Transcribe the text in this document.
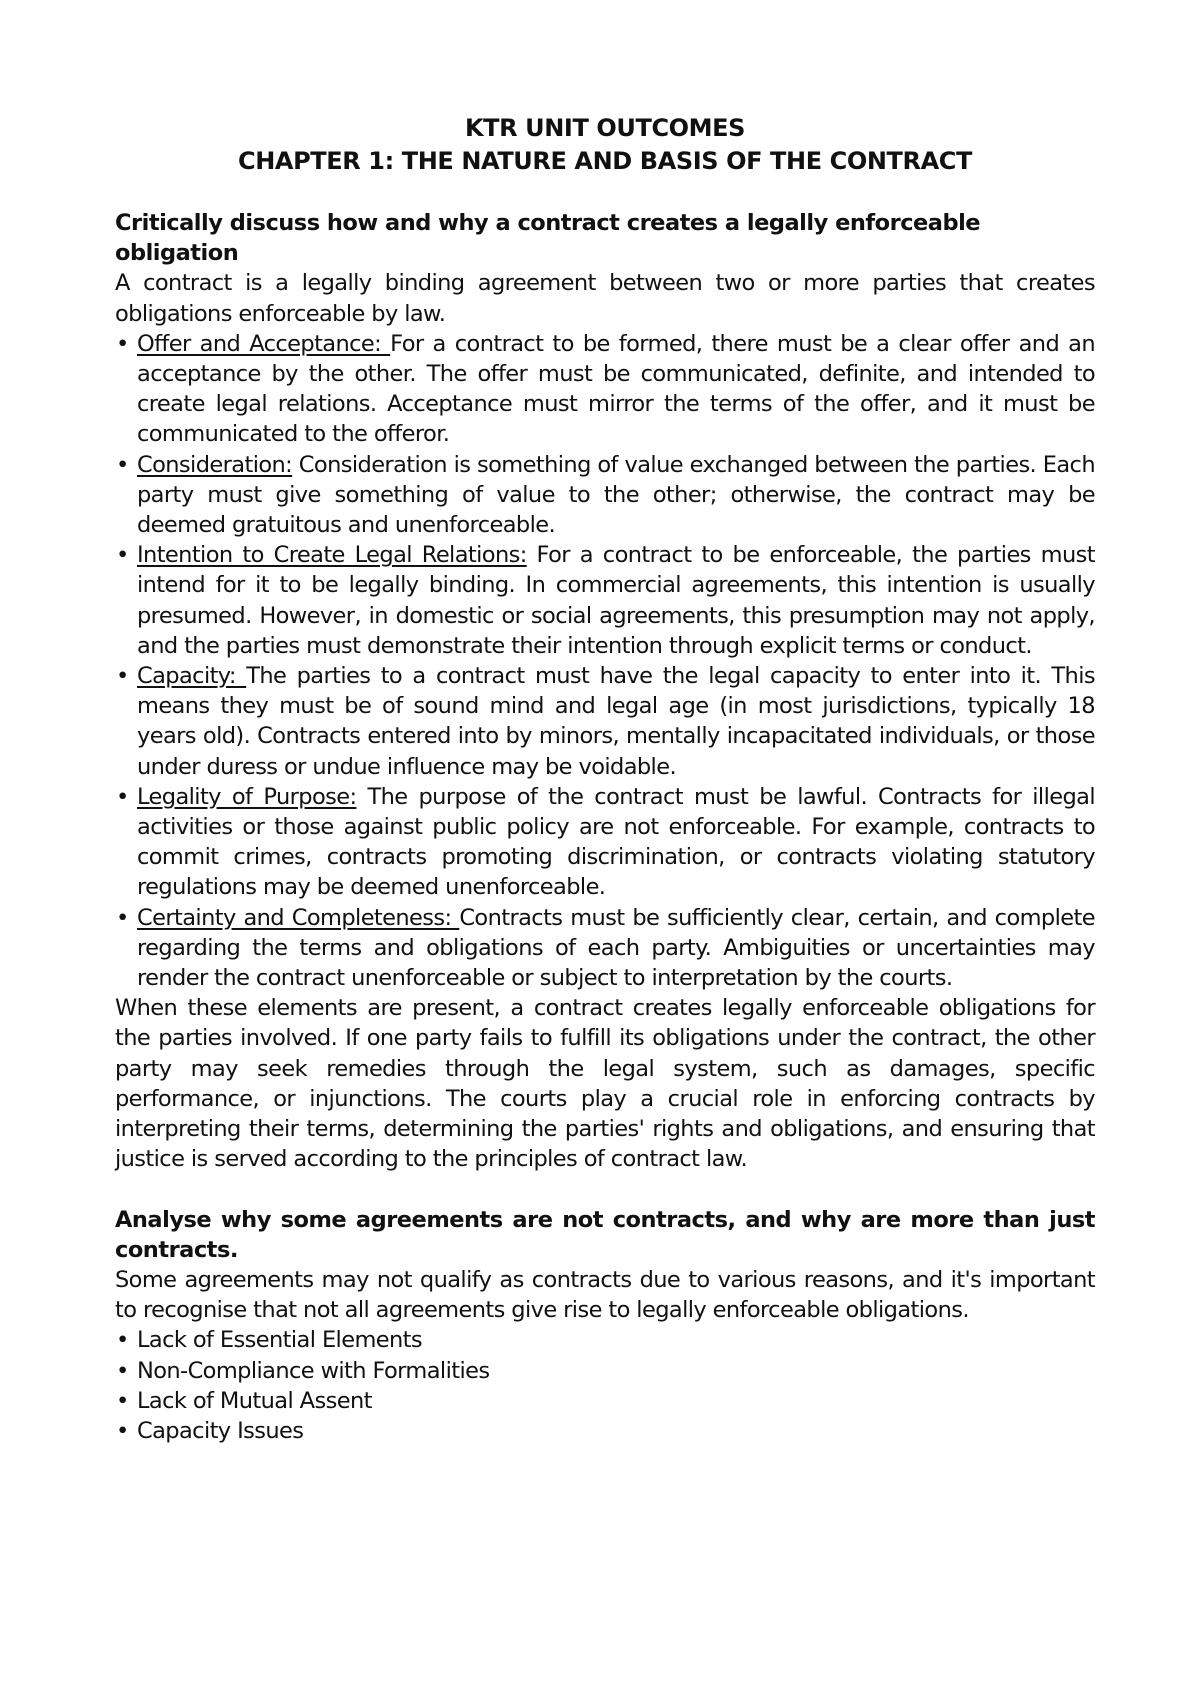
KTR UNIT OUTCOMES

CHAPTER 1: THE NATURE AND BASIS OF THE CONTRACT

Critically discuss how and why a contract creates a legally enforceable obligation

A contract is a legally binding agreement between two or more parties that creates obligations enforceable by law.

• Offer and Acceptance: For a contract to be formed, there must be a clear offer and an acceptance by the other. The offer must be communicated, definite, and intended to create legal relations. Acceptance must mirror the terms of the offer, and it must be communicated to the offeror.
• Consideration: Consideration is something of value exchanged between the parties. Each party must give something of value to the other; otherwise, the contract may be deemed gratuitous and unenforceable.
• Intention to Create Legal Relations: For a contract to be enforceable, the parties must intend for it to be legally binding. In commercial agreements, this intention is usually presumed. However, in domestic or social agreements, this presumption may not apply, and the parties must demonstrate their intention through explicit terms or conduct.
• Capacity: The parties to a contract must have the legal capacity to enter into it. This means they must be of sound mind and legal age (in most jurisdictions, typically 18 years old). Contracts entered into by minors, mentally incapacitated individuals, or those under duress or undue influence may be voidable.
• Legality of Purpose: The purpose of the contract must be lawful. Contracts for illegal activities or those against public policy are not enforceable. For example, contracts to commit crimes, contracts promoting discrimination, or contracts violating statutory regulations may be deemed unenforceable.
• Certainty and Completeness: Contracts must be sufficiently clear, certain, and complete regarding the terms and obligations of each party. Ambiguities or uncertainties may render the contract unenforceable or subject to interpretation by the courts.

When these elements are present, a contract creates legally enforceable obligations for the parties involved. If one party fails to fulfill its obligations under the contract, the other party may seek remedies through the legal system, such as damages, specific performance, or injunctions. The courts play a crucial role in enforcing contracts by interpreting their terms, determining the parties' rights and obligations, and ensuring that justice is served according to the principles of contract law.

Analyse why some agreements are not contracts, and why are more than just contracts.

Some agreements may not qualify as contracts due to various reasons, and it's important to recognise that not all agreements give rise to legally enforceable obligations.

• Lack of Essential Elements
• Non-Compliance with Formalities
• Lack of Mutual Assent
• Capacity Issues
